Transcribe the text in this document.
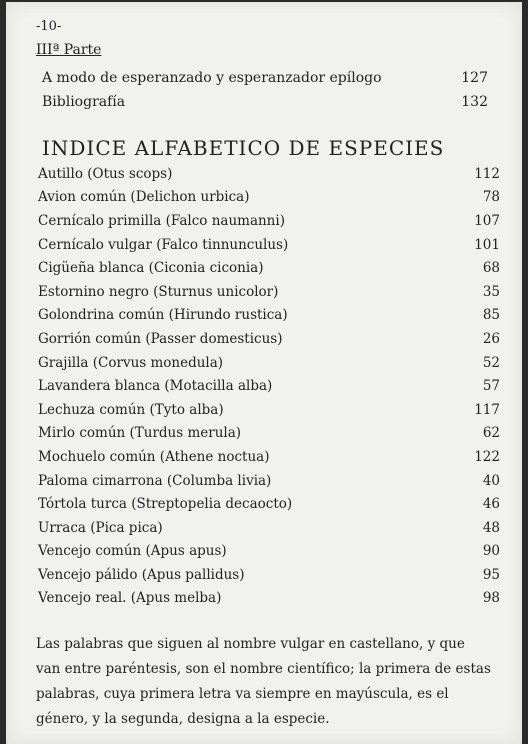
-10-
IIIª Parte
A modo de esperanzado y esperanzador epílogo	127
Bibliografía	132
INDICE ALFABETICO DE ESPECIES
Autillo (Otus scops)	112
Avion común (Delichon urbica)	78
Cernícalo primilla (Falco naumanni)	107
Cernícalo vulgar (Falco tinnunculus)	101
Cigüeña blanca (Ciconia ciconia)	68
Estornino negro (Sturnus unicolor)	35
Golondrina común (Hirundo rustica)	85
Gorrión común (Passer domesticus)	26
Grajilla (Corvus monedula)	52
Lavandera blanca (Motacilla alba)	57
Lechuza común (Tyto alba)	117
Mirlo común (Turdus merula)	62
Mochuelo común (Athene noctua)	122
Paloma cimarrona (Columba livia)	40
Tórtola turca (Streptopelia decaocto)	46
Urraca (Pica pica)	48
Vencejo común (Apus apus)	90
Vencejo pálido (Apus pallidus)	95
Vencejo real. (Apus melba)	98
Las palabras que siguen al nombre vulgar en castellano, y que van entre paréntesis, son el nombre científico; la primera de estas palabras, cuya primera letra va siempre en mayúscula, es el género, y la segunda, designa a la especie.
